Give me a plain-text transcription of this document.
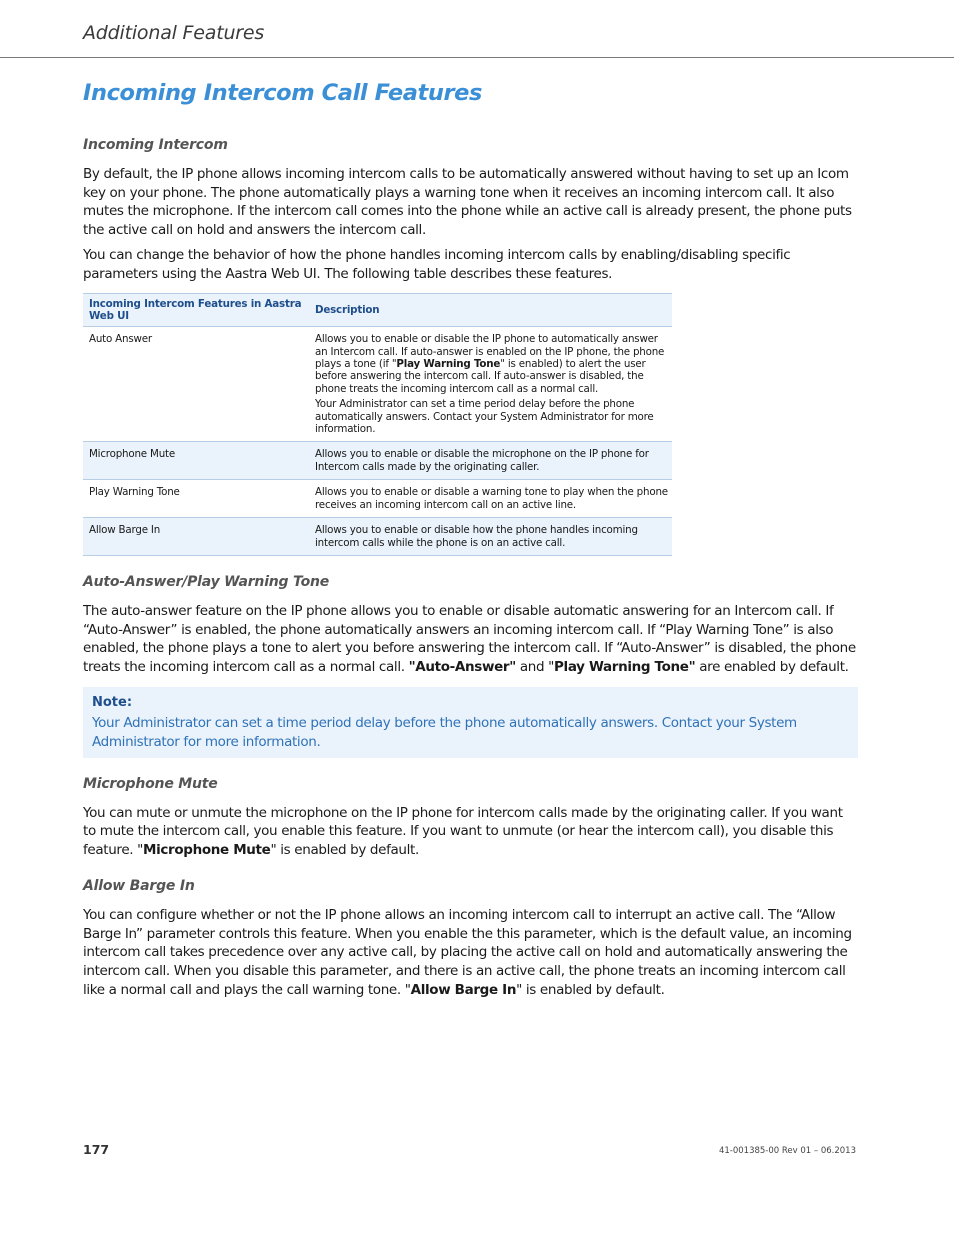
Additional Features
Incoming Intercom Call Features
Incoming Intercom

By default, the IP phone allows incoming intercom calls to be automatically answered without having to set up an Icom key on your phone. The phone automatically plays a warning tone when it receives an incoming intercom call. It also mutes the microphone. If the intercom call comes into the phone while an active call is already present, the phone puts the active call on hold and answers the intercom call.

You can change the behavior of how the phone handles incoming intercom calls by enabling/disabling specific parameters using the Aastra Web UI. The following table describes these features.

Incoming Intercom Features in Aastra Web UI	Description
Auto Answer	Allows you to enable or disable the IP phone to automatically answer an Intercom call. If auto-answer is enabled on the IP phone, the phone plays a tone (if "Play Warning Tone" is enabled) to alert the user before answering the intercom call. If auto-answer is disabled, the phone treats the incoming intercom call as a normal call.

Your Administrator can set a time period delay before the phone automatically answers. Contact your System Administrator for more information.

Microphone Mute	Allows you to enable or disable the microphone on the IP phone for Intercom calls made by the originating caller.
Play Warning Tone	Allows you to enable or disable a warning tone to play when the phone receives an incoming intercom call on an active line.
Allow Barge In	Allows you to enable or disable how the phone handles incoming intercom calls while the phone is on an active call.
Auto-Answer/Play Warning Tone

The auto-answer feature on the IP phone allows you to enable or disable automatic answering for an Intercom call. If “Auto-Answer” is enabled, the phone automatically answers an incoming intercom call. If “Play Warning Tone” is also enabled, the phone plays a tone to alert you before answering the intercom call. If “Auto-Answer” is disabled, the phone treats the incoming intercom call as a normal call. "Auto-Answer" and "Play Warning Tone" are enabled by default.

Note:
Your Administrator can set a time period delay before the phone automatically answers. Contact your System Administrator for more information.
Microphone Mute

You can mute or unmute the microphone on the IP phone for intercom calls made by the originating caller. If you want to mute the intercom call, you enable this feature. If you want to unmute (or hear the intercom call), you disable this feature. "Microphone Mute" is enabled by default.

Allow Barge In

You can configure whether or not the IP phone allows an incoming intercom call to interrupt an active call. The “Allow Barge In” parameter controls this feature. When you enable the this parameter, which is the default value, an incoming intercom call takes precedence over any active call, by placing the active call on hold and automatically answering the intercom call. When you disable this parameter, and there is an active call, the phone treats an incoming intercom call like a normal call and plays the call warning tone. "Allow Barge In" is enabled by default.

177	41-001385-00 Rev 01 – 06.2013
